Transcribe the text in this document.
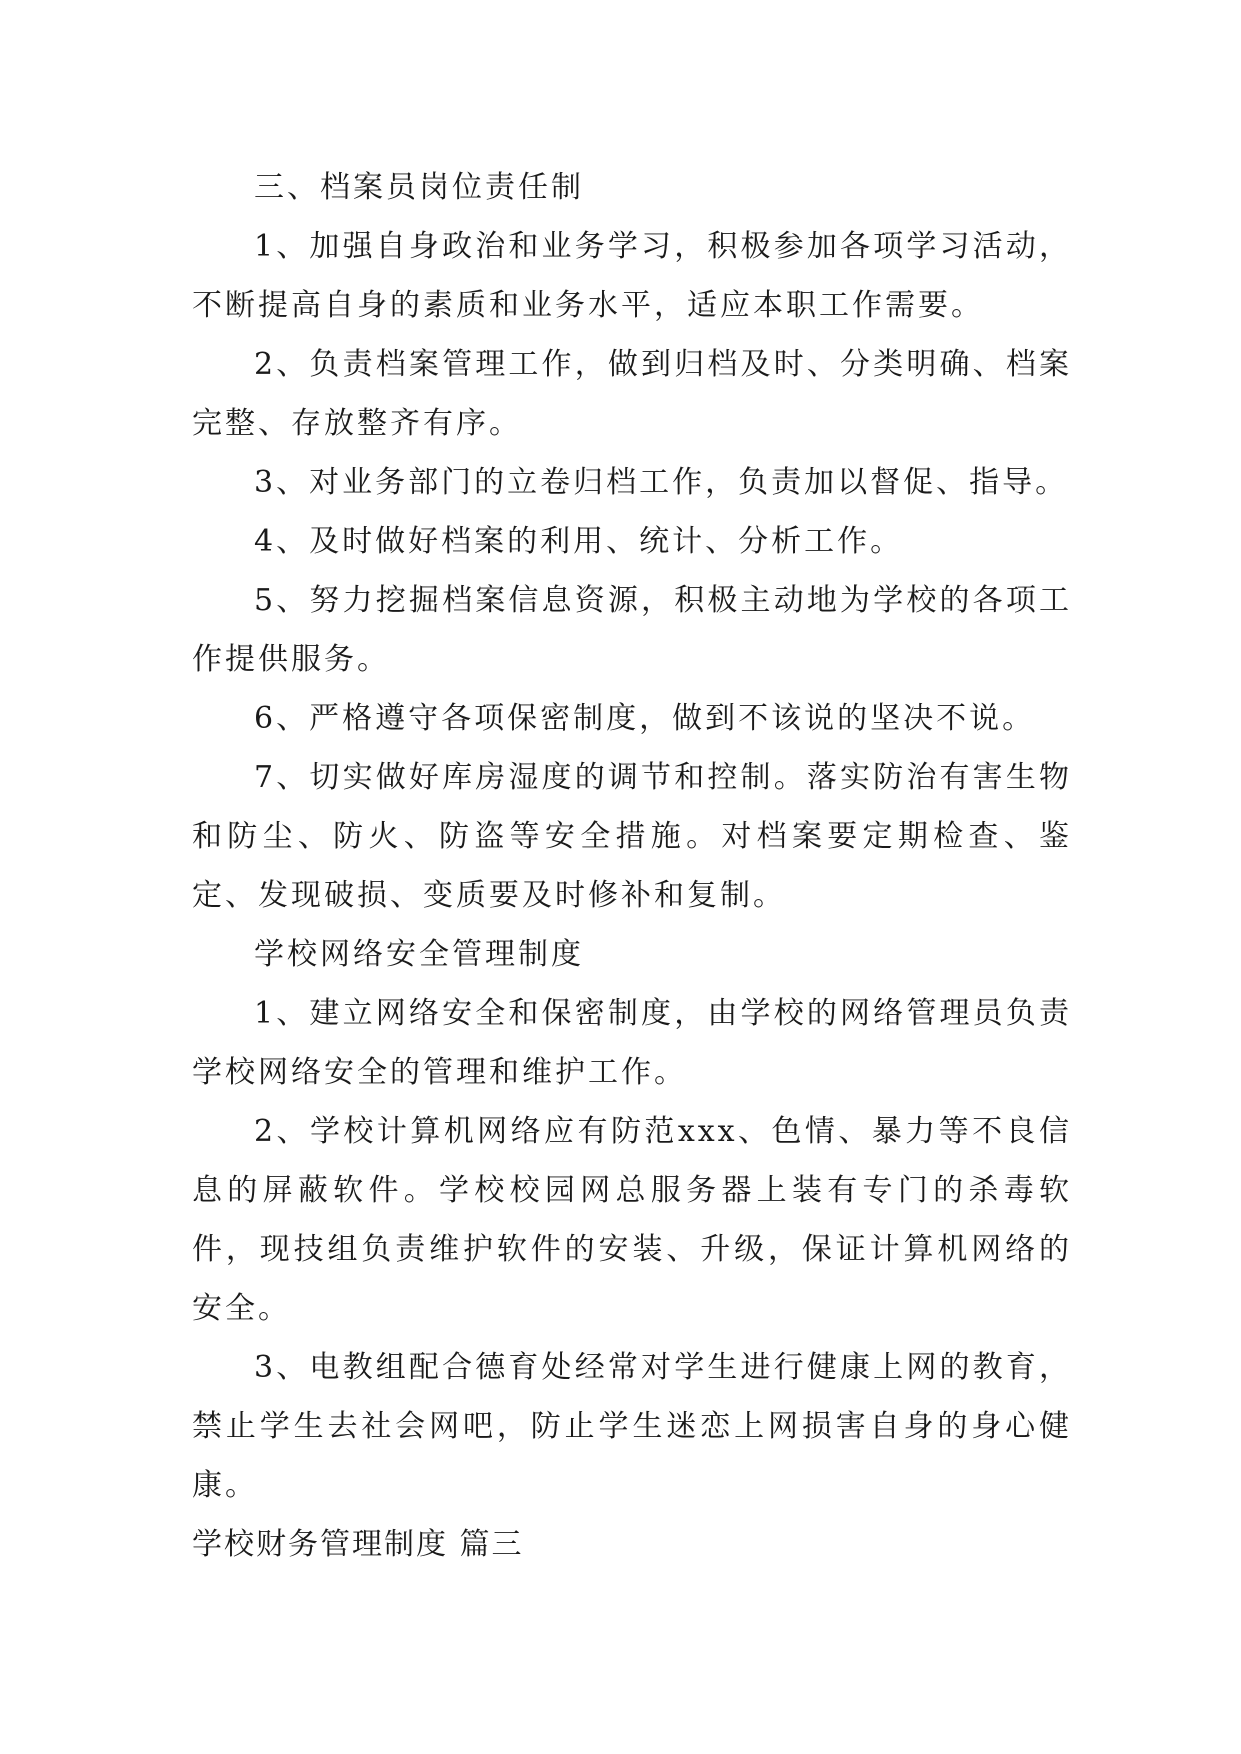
三、档案员岗位责任制

1、加强自身政治和业务学习，积极参加各项学习活动，不断提高自身的素质和业务水平，适应本职工作需要。

2、负责档案管理工作，做到归档及时、分类明确、档案完整、存放整齐有序。

3、对业务部门的立卷归档工作，负责加以督促、指导。

4、及时做好档案的利用、统计、分析工作。

5、努力挖掘档案信息资源，积极主动地为学校的各项工作提供服务。

6、严格遵守各项保密制度，做到不该说的坚决不说。

7、切实做好库房湿度的调节和控制。落实防治有害生物和防尘、防火、防盗等安全措施。对档案要定期检查、鉴定、发现破损、变质要及时修补和复制。

学校网络安全管理制度

1、建立网络安全和保密制度，由学校的网络管理员负责学校网络安全的管理和维护工作。

2、学校计算机网络应有防范xxx、色情、暴力等不良信息的屏蔽软件。学校校园网总服务器上装有专门的杀毒软件，现技组负责维护软件的安装、升级，保证计算机网络的安全。

3、电教组配合德育处经常对学生进行健康上网的教育，禁止学生去社会网吧，防止学生迷恋上网损害自身的身心健康。

学校财务管理制度 篇三
